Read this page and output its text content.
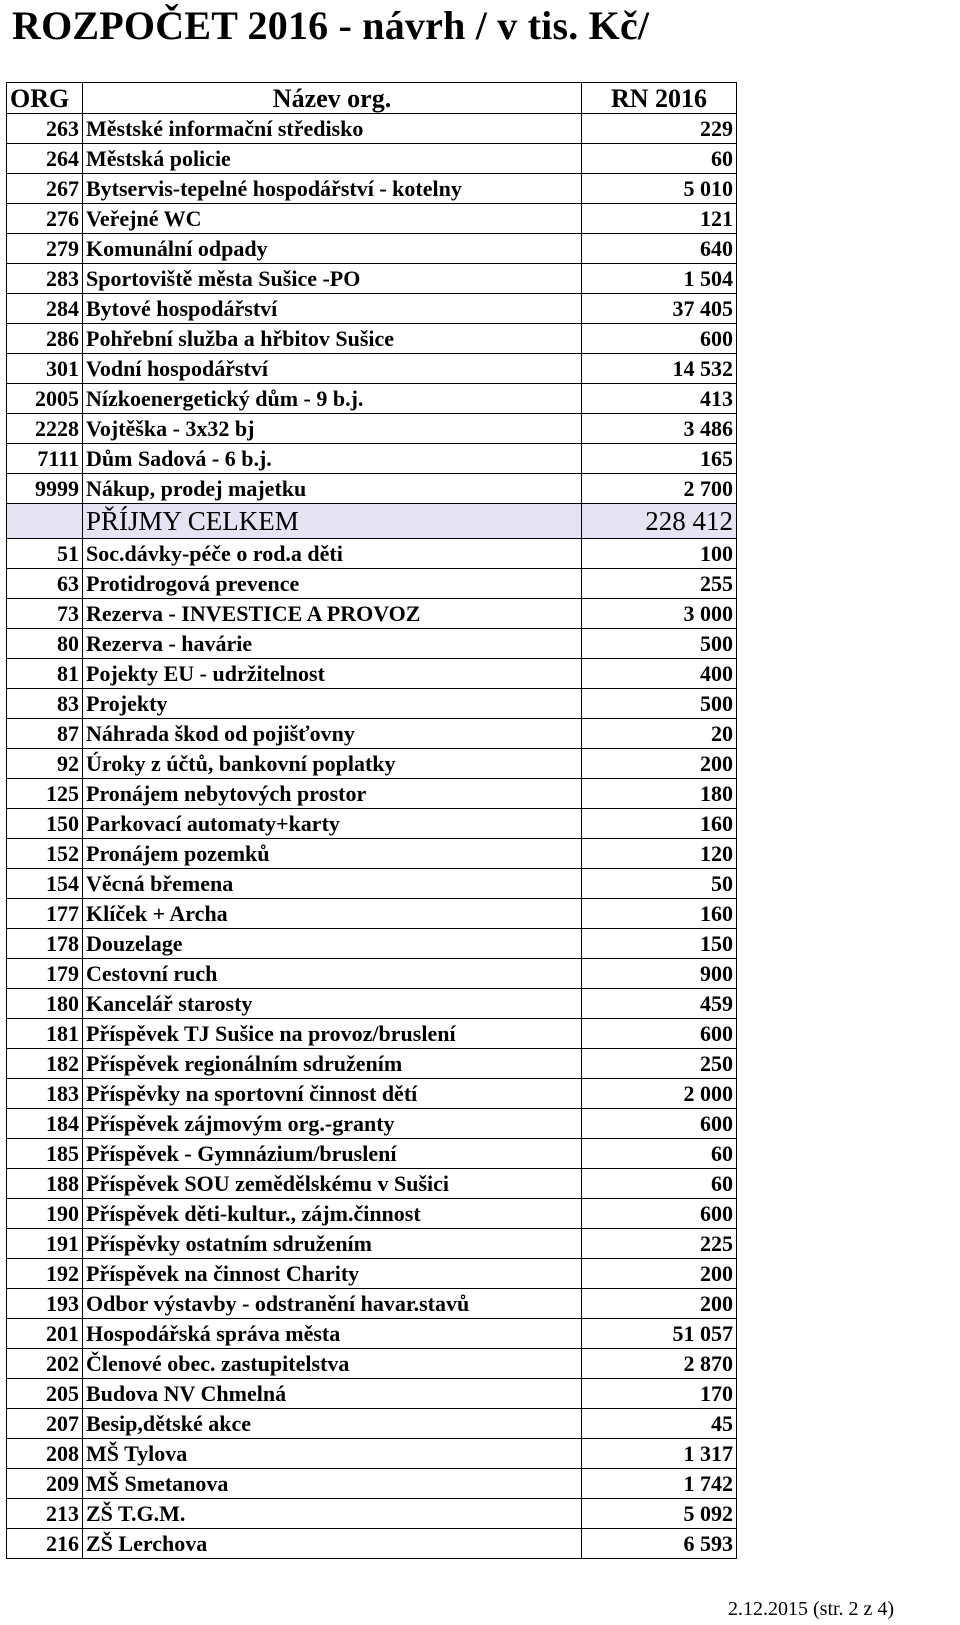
ROZPOČET 2016 - návrh / v tis. Kč/
ORG	Název org.	RN 2016
263	Městské informační středisko	229
264	Městská policie	60
267	Bytservis-tepelné hospodářství - kotelny	5 010
276	Veřejné WC	121
279	Komunální odpady	640
283	Sportoviště města Sušice -PO	1 504
284	Bytové hospodářství	37 405
286	Pohřební služba a hřbitov Sušice	600
301	Vodní hospodářství	14 532
2005	Nízkoenergetický dům - 9 b.j.	413
2228	Vojtěška - 3x32 bj	3 486
7111	Dům Sadová - 6 b.j.	165
9999	Nákup, prodej majetku	2 700
	PŘÍJMY CELKEM	228 412
51	Soc.dávky-péče o rod.a děti	100
63	Protidrogová prevence	255
73	Rezerva - INVESTICE A PROVOZ	3 000
80	Rezerva - havárie	500
81	Pojekty EU - udržitelnost	400
83	Projekty	500
87	Náhrada škod od pojišťovny	20
92	Úroky z účtů, bankovní poplatky	200
125	Pronájem nebytových prostor	180
150	Parkovací automaty+karty	160
152	Pronájem pozemků	120
154	Věcná břemena	50
177	Klíček + Archa	160
178	Douzelage	150
179	Cestovní ruch	900
180	Kancelář starosty	459
181	Příspěvek TJ Sušice na provoz/bruslení	600
182	Příspěvek regionálním sdružením	250
183	Příspěvky na sportovní činnost dětí	2 000
184	Příspěvek zájmovým org.-granty	600
185	Příspěvek - Gymnázium/bruslení	60
188	Příspěvek SOU zemědělskému v Sušici	60
190	Příspěvek děti-kultur., zájm.činnost	600
191	Příspěvky ostatním sdružením	225
192	Příspěvek na činnost Charity	200
193	Odbor výstavby - odstranění havar.stavů	200
201	Hospodářská správa města	51 057
202	Členové obec. zastupitelstva	2 870
205	Budova NV Chmelná	170
207	Besip,dětské akce	45
208	MŠ Tylova	1 317
209	MŠ Smetanova	1 742
213	ZŠ T.G.M.	5 092
216	ZŠ Lerchova	6 593
2.12.2015 (str. 2 z 4)
